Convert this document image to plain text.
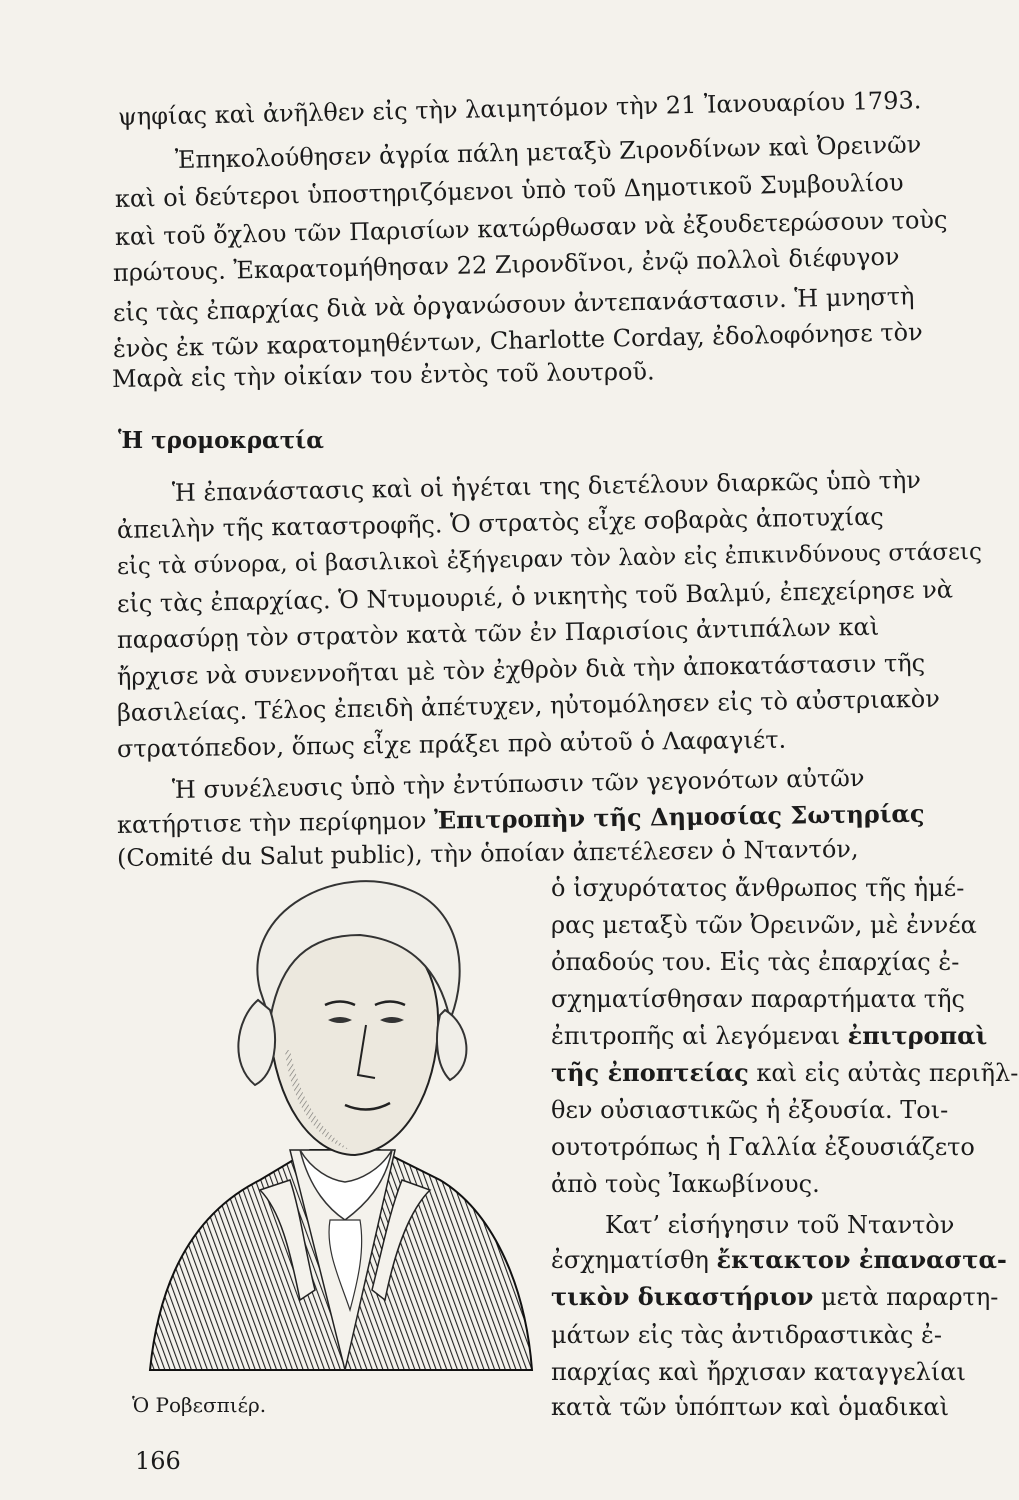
ψηφίας καὶ ἀνῆλθεν εἰς τὴν λαιμητόμον τὴν 21 Ἰανουαρίου 1793.
Ἐπηκολούθησεν ἀγρία πάλη μεταξὺ Ζιρονδίνων καὶ Ὀρεινῶν
καὶ οἱ δεύτεροι ὑποστηριζόμενοι ὑπὸ τοῦ Δημοτικοῦ Συμβουλίου
καὶ τοῦ ὄχλου τῶν Παρισίων κατώρθωσαν νὰ ἐξουδετερώσουν τοὺς
πρώτους. Ἐκαρατομήθησαν 22 Ζιρονδῖνοι, ἐνῷ πολλοὶ διέφυγον
εἰς τὰς ἐπαρχίας διὰ νὰ ὀργανώσουν ἀντεπανάστασιν. Ἡ μνηστὴ
ἑνὸς ἐκ τῶν καρατομηθέντων, Charlotte Corday, ἐδολοφόνησε τὸν
Μαρὰ εἰς τὴν οἰκίαν του ἐντὸς τοῦ λουτροῦ.
Ἡ τρομοκρατία
Ἡ ἐπανάστασις καὶ οἱ ἡγέται της διετέλουν διαρκῶς ὑπὸ τὴν
ἀπειλὴν τῆς καταστροφῆς. Ὁ στρατὸς εἶχε σοβαρὰς ἀποτυχίας
εἰς τὰ σύνορα, οἱ βασιλικοὶ ἐξήγειραν τὸν λαὸν εἰς ἐπικινδύνους στάσεις
εἰς τὰς ἐπαρχίας. Ὁ Ντυμουριέ, ὁ νικητὴς τοῦ Βαλμύ, ἐπεχείρησε νὰ
παρασύρῃ τὸν στρατὸν κατὰ τῶν ἐν Παρισίοις ἀντιπάλων καὶ
ἤρχισε νὰ συνεννοῆται μὲ τὸν ἐχθρὸν διὰ τὴν ἀποκατάστασιν τῆς
βασιλείας. Τέλος ἐπειδὴ ἀπέτυχεν, ηὐτομόλησεν εἰς τὸ αὐστριακὸν
στρατόπεδον, ὅπως εἶχε πράξει πρὸ αὐτοῦ ὁ Λαφαγιέτ.
Ἡ συνέλευσις ὑπὸ τὴν ἐντύπωσιν τῶν γεγονότων αὐτῶν
κατήρτισε τὴν περίφημον Ἐπιτροπὴν τῆς Δημοσίας Σωτηρίας
(Comité du Salut public), τὴν ὁποίαν ἀπετέλεσεν ὁ Νταντόν,
ὁ ἰσχυρότατος ἄνθρωπος τῆς ἡμέ-
ρας μεταξὺ τῶν Ὀρεινῶν, μὲ ἐννέα
ὀπαδούς του. Εἰς τὰς ἐπαρχίας ἐ-
σχηματίσθησαν παραρτήματα τῆς
ἐπιτροπῆς αἱ λεγόμεναι ἐπιτροπαὶ
τῆς ἐποπτείας καὶ εἰς αὐτὰς περιῆλ-
θεν οὐσιαστικῶς ἡ ἐξουσία. Τοι-
ουτοτρόπως ἡ Γαλλία ἐξουσιάζετο
ἀπὸ τοὺς Ἰακωβίνους.
Κατ’ εἰσήγησιν τοῦ Νταντὸν
ἐσχηματίσθη ἔκτακτον ἐπαναστα-
τικὸν δικαστήριον μετὰ παραρτη-
μάτων εἰς τὰς ἀντιδραστικὰς ἐ-
παρχίας καὶ ἤρχισαν καταγγελίαι
κατὰ τῶν ὑπόπτων καὶ ὁμαδικαὶ
Ὁ Ροβεσπιέρ.
166
